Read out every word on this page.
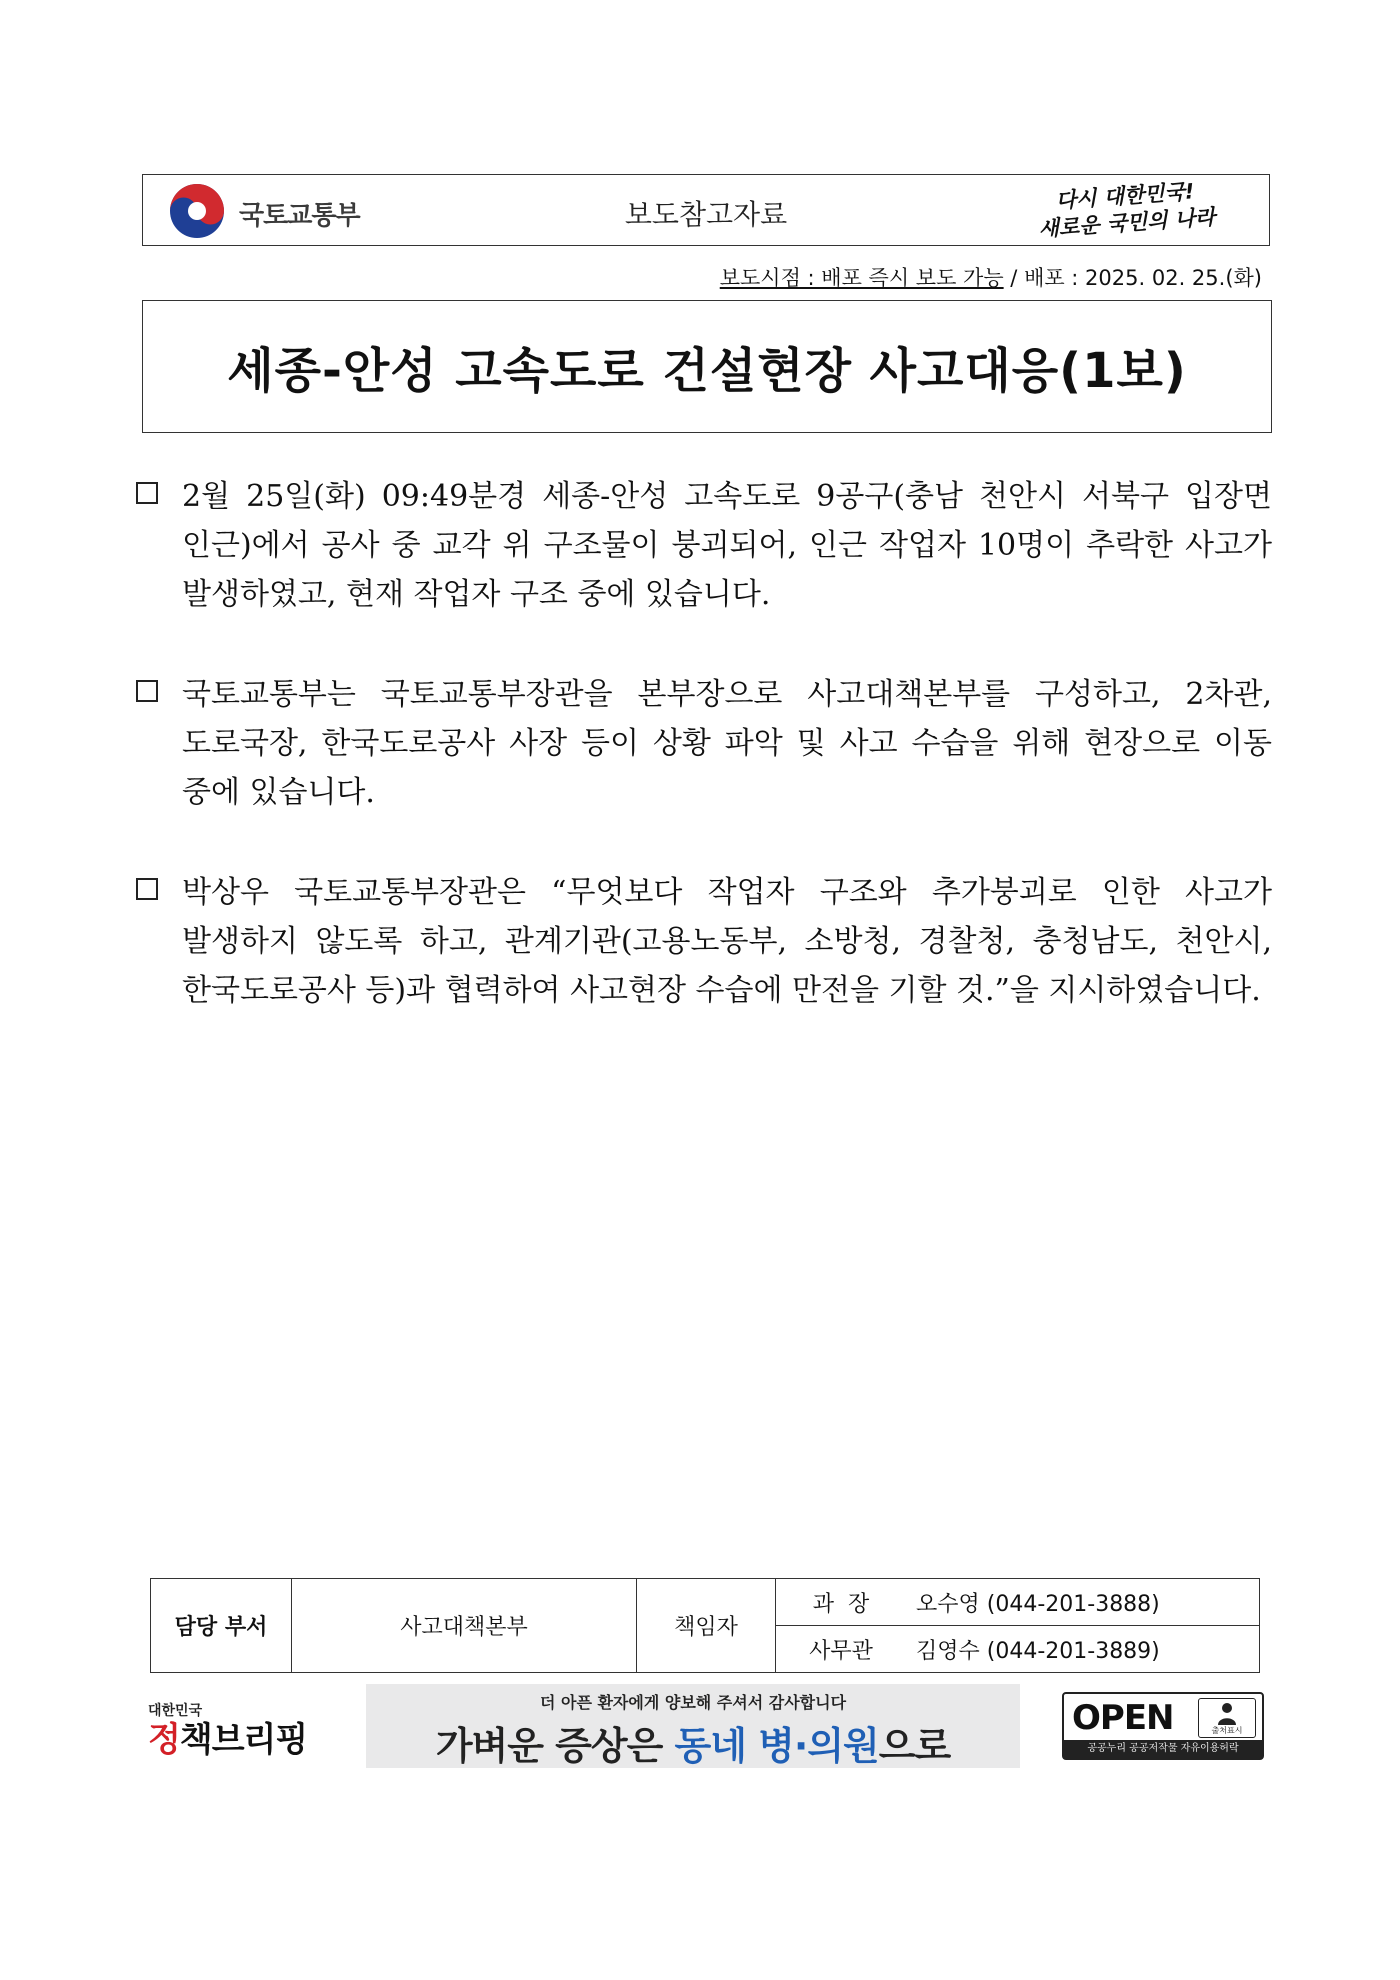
국토교통부	보도참고자료
다시 대한민국!
새로운 국민의 나라
보도시점 : 배포 즉시 보도 가능 / 배포 : 2025. 02. 25.(화)
세종-안성 고속도로 건설현장 사고대응(1보)
2월 25일(화) 09:49분경 세종-안성 고속도로 9공구(충남 천안시 서북구 입장면 인근)에서 공사 중 교각 위 구조물이 붕괴되어, 인근 작업자 10명이 추락한 사고가 발생하였고, 현재 작업자 구조 중에 있습니다.
국토교통부는 국토교통부장관을 본부장으로 사고대책본부를 구성하고, 2차관, 도로국장, 한국도로공사 사장 등이 상황 파악 및 사고 수습을 위해 현장으로 이동 중에 있습니다.
박상우 국토교통부장관은 “무엇보다 작업자 구조와 추가붕괴로 인한 사고가 발생하지 않도록 하고, 관계기관(고용노동부, 소방청, 경찰청, 충청남도, 천안시, 한국도로공사 등)과 협력하여 사고현장 수습에 만전을 기할 것.”을 지시하였습니다.
담당 부서	사고대책본부	책임자	
과  장	오수영 (044-201-3888)

사무관	김영수 (044-201-3889)
대한민국
정책브리핑
더 아픈 환자에게 양보해 주셔서 감사합니다
가벼운 증상은 동네 병·의원으로
OPEN	출처표시
공공누리 공공저작물 자유이용허락
